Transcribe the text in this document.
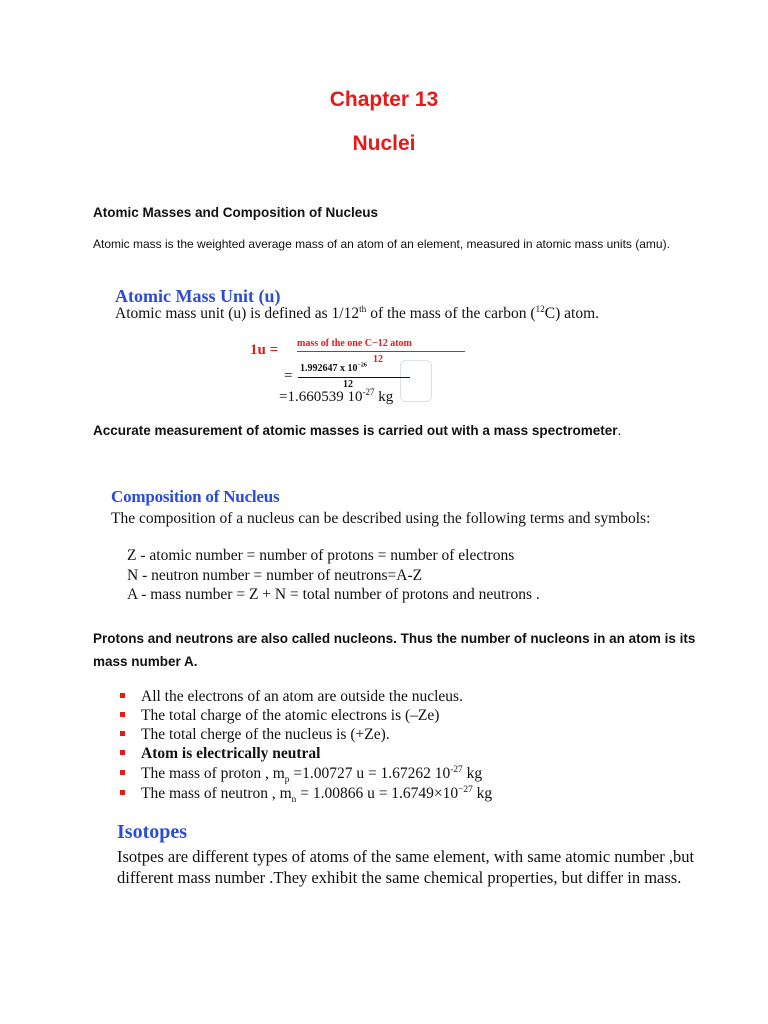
Chapter 13
Nuclei
Atomic Masses and Composition of Nucleus
Atomic mass is the weighted average mass of an atom of an element, measured in atomic mass units (amu).
Atomic Mass Unit (u)
Atomic mass unit (u) is defined as 1/12th of the mass of the carbon ($^{12}$C) atom.
1u = mass of the one C−12 atom
12
= 1.992647 x $10^{-26}$
12
=1.660539 $10^{-27}$ kg
Accurate measurement of atomic masses is carried out with a mass spectrometer.
Composition of Nucleus
The composition of a nucleus can be described using the following terms and symbols:
Z - atomic number = number of protons = number of electrons
N - neutron number = number of neutrons=A-Z
A - mass number = Z + N = total number of protons and neutrons .
Protons and neutrons are also called nucleons. Thus the number of nucleons in an atom is its mass number A.
All the electrons of an atom are outside the nucleus.
The total charge of the atomic electrons is (–Ze)
The total cherge of the nucleus is (+Ze).
Atom is electrically neutral
The mass of proton , $m_p =1.00727$ u = 1.67262 $10^{-27}$ kg
The mass of neutron , $m_n = 1.00866$ $u = 1.6749\times 10^{-27}$ kg
Isotopes
Isotpes are different types of atoms of the same element, with same atomic number ,but different mass number .They exhibit the same chemical properties, but differ in mass.
